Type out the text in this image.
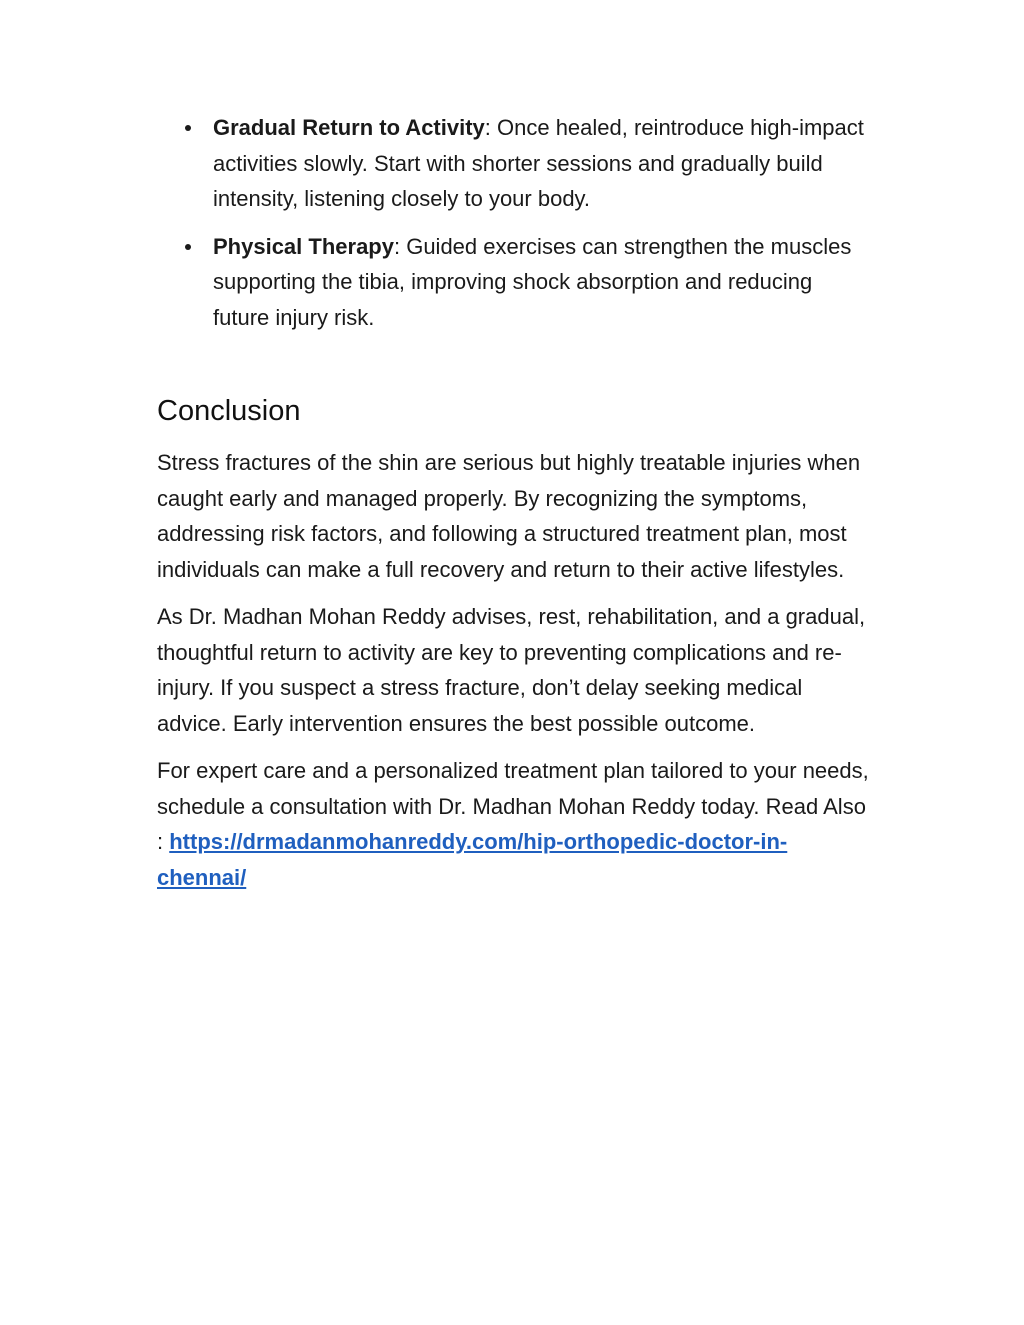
Gradual Return to Activity: Once healed, reintroduce high-impact activities slowly. Start with shorter sessions and gradually build intensity, listening closely to your body.
Physical Therapy: Guided exercises can strengthen the muscles supporting the tibia, improving shock absorption and reducing future injury risk.
Conclusion

Stress fractures of the shin are serious but highly treatable injuries when caught early and managed properly. By recognizing the symptoms, addressing risk factors, and following a structured treatment plan, most individuals can make a full recovery and return to their active lifestyles.

As Dr. Madhan Mohan Reddy advises, rest, rehabilitation, and a gradual, thoughtful return to activity are key to preventing complications and re-injury. If you suspect a stress fracture, don’t delay seeking medical advice. Early intervention ensures the best possible outcome.

For expert care and a personalized treatment plan tailored to your needs, schedule a consultation with Dr. Madhan Mohan Reddy today. Read Also : https://drmadanmohanreddy.com/hip-orthopedic-doctor-in-chennai/
